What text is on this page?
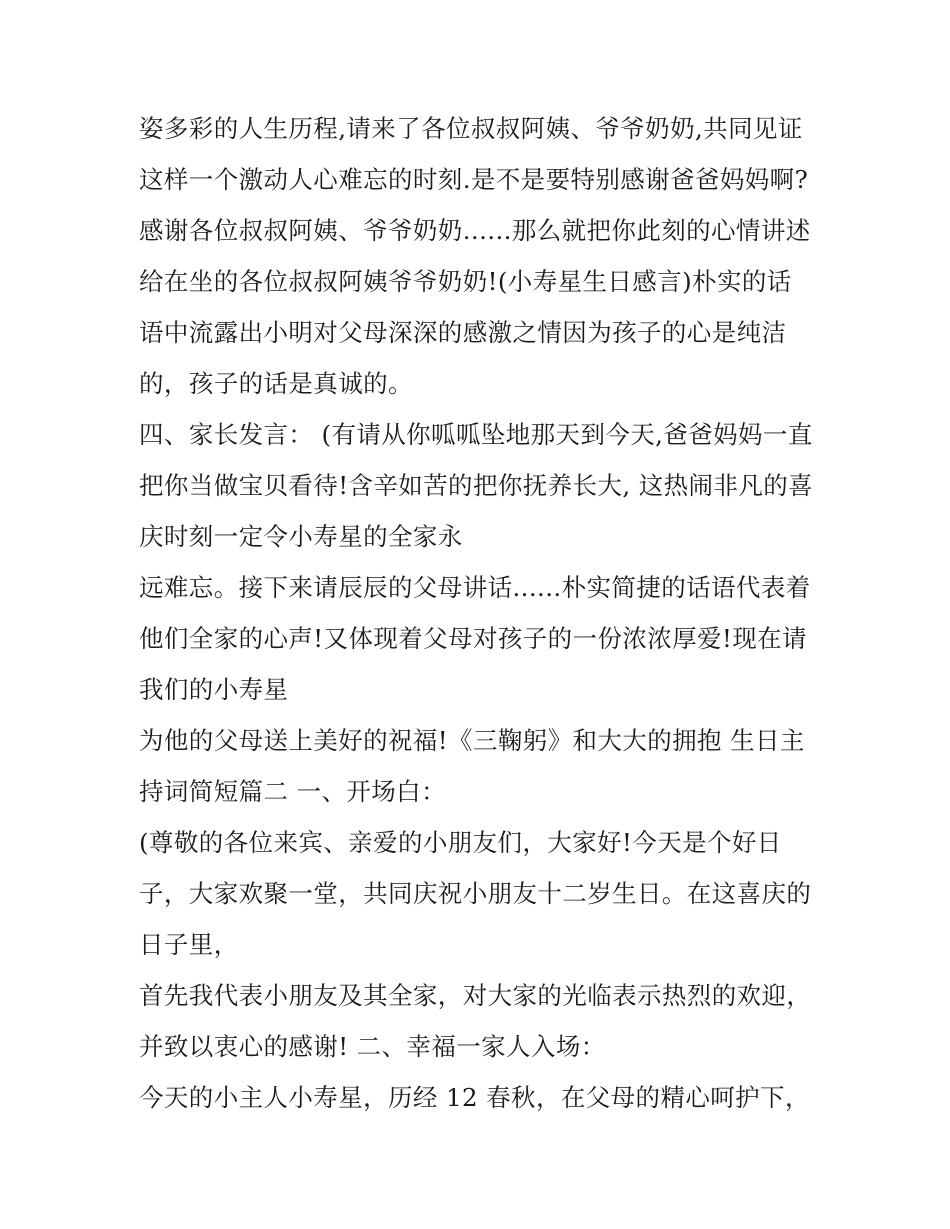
姿多彩的人生历程,请来了各位叔叔阿姨、爷爷奶奶,共同见证
这样一个激动人心难忘的时刻.是不是要特别感谢爸爸妈妈啊?
感谢各位叔叔阿姨、爷爷奶奶......那么就把你此刻的心情讲述
给在坐的各位叔叔阿姨爷爷奶奶!(小寿星生日感言)朴实的话
语中流露出小明对父母深深的感激之情因为孩子的心是纯洁
的，孩子的话是真诚的。
四、家长发言： (有请从你呱呱坠地那天到今天,爸爸妈妈一直
把你当做宝贝看待!含辛如苦的把你抚养长大, 这热闹非凡的喜
庆时刻一定令小寿星的全家永
远难忘。接下来请辰辰的父母讲话......朴实简捷的话语代表着
他们全家的心声!又体现着父母对孩子的一份浓浓厚爱!现在请
我们的小寿星
为他的父母送上美好的祝福!《三鞠躬》和大大的拥抱 生日主
持词简短篇二 一、开场白：
(尊敬的各位来宾、亲爱的小朋友们，大家好!今天是个好日
子，大家欢聚一堂，共同庆祝小朋友十二岁生日。在这喜庆的
日子里，
首先我代表小朋友及其全家，对大家的光临表示热烈的欢迎，
并致以衷心的感谢! 二、幸福一家人入场：
今天的小主人小寿星，历经 12 春秋，在父母的精心呵护下，
